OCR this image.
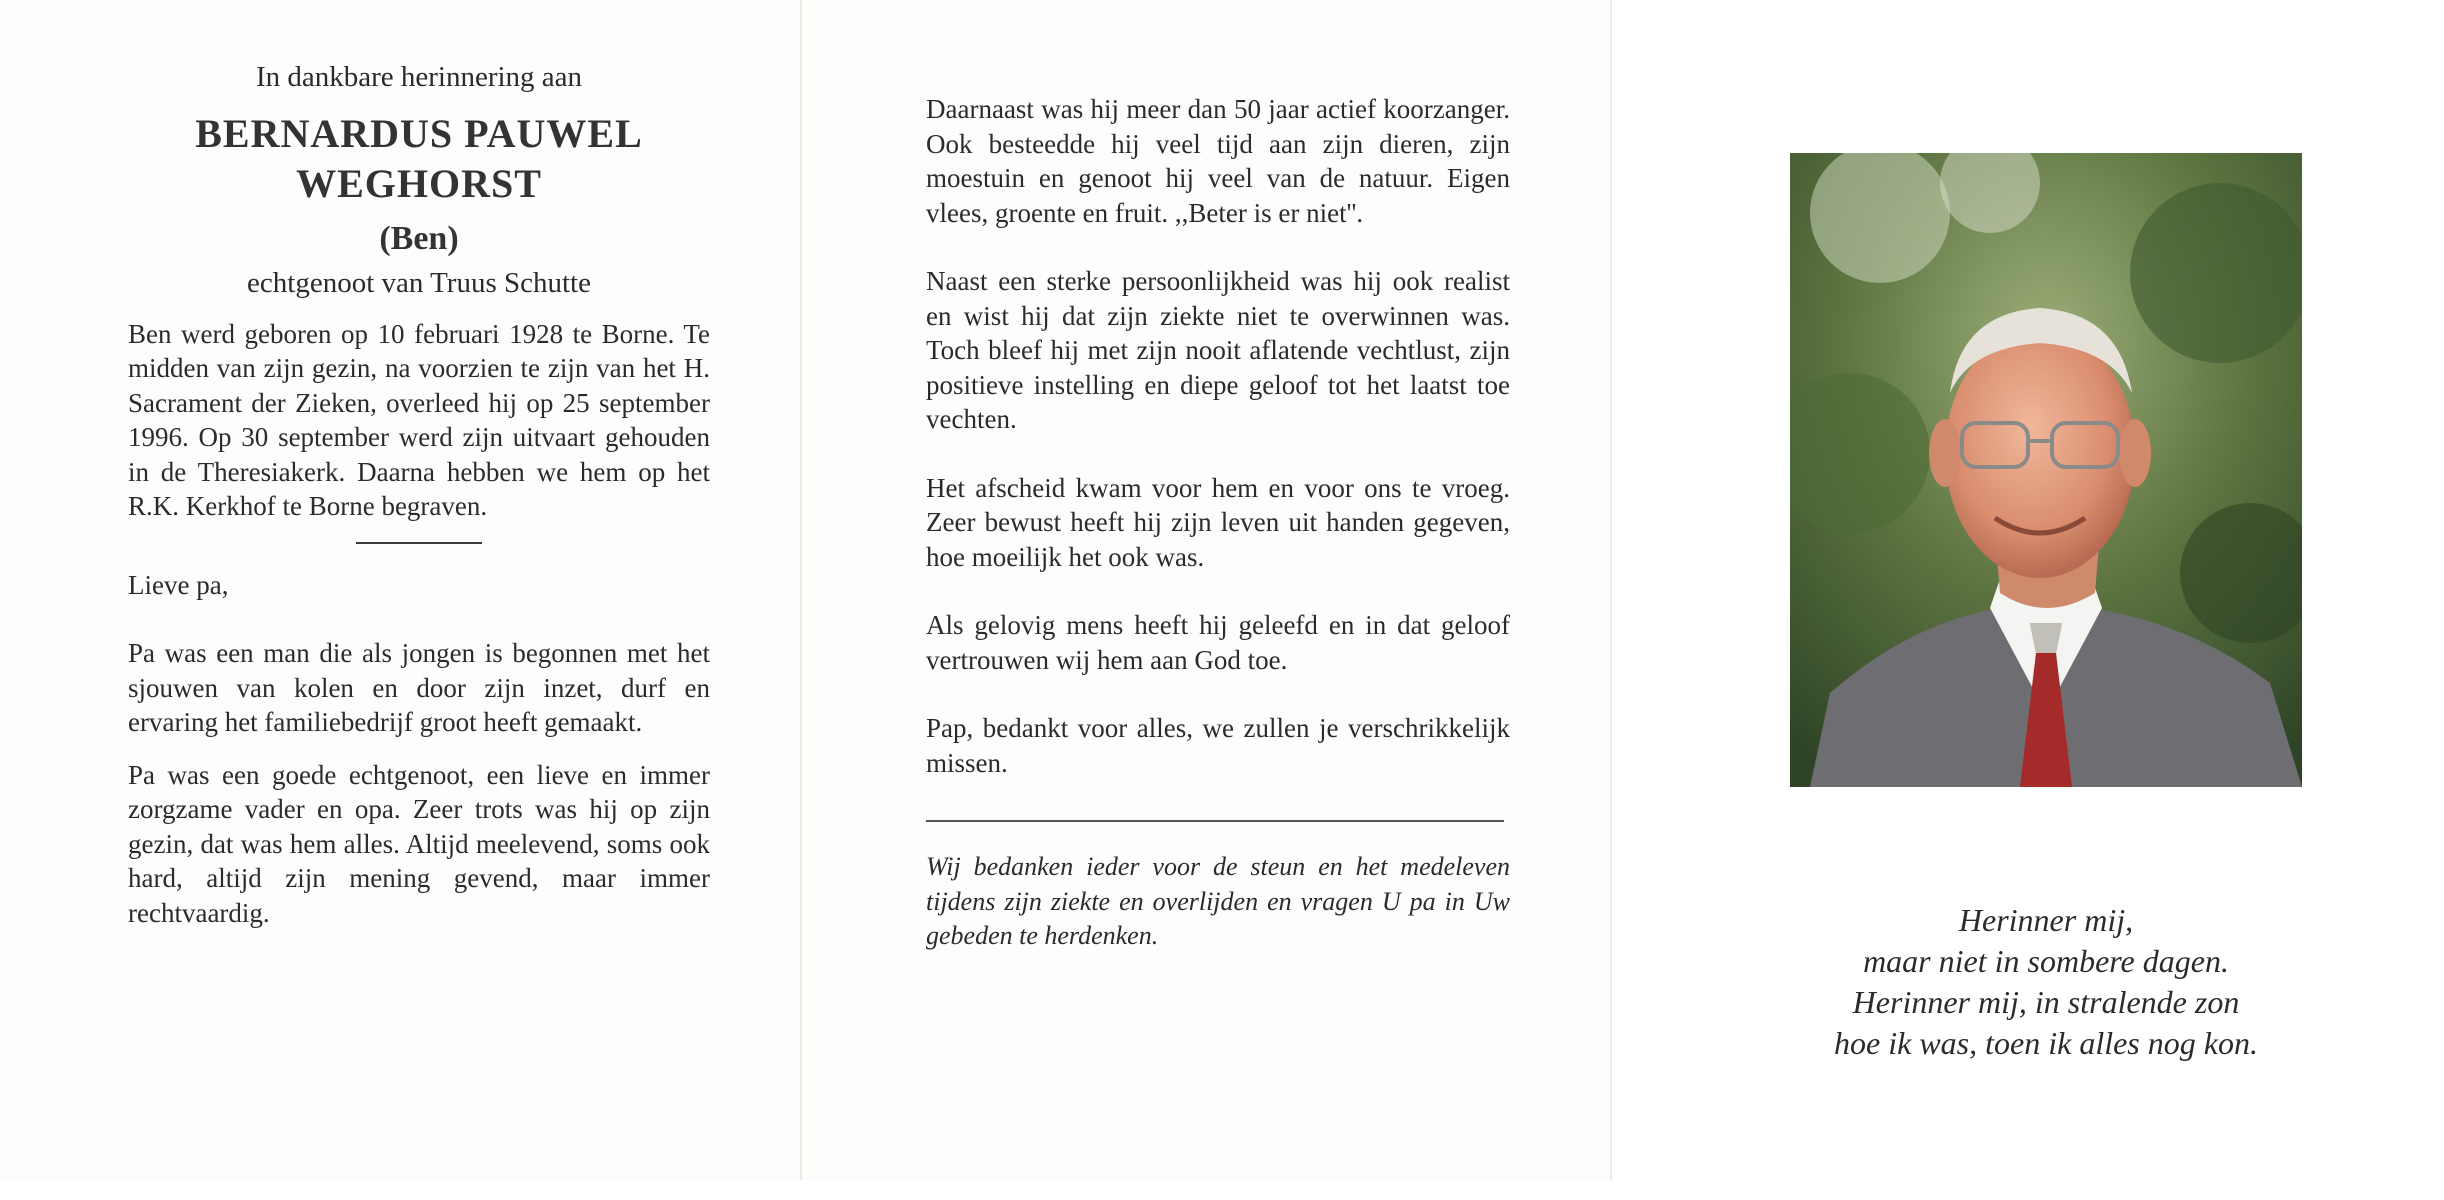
In dankbare herinnering aan
BERNARDUS PAUWEL
WEGHORST
(Ben)
echtgenoot van Truus Schutte

Ben werd geboren op 10 februari 1928 te Borne. Te midden van zijn gezin, na voorzien te zijn van het H. Sacrament der Zieken, overleed hij op 25 september 1996. Op 30 september werd zijn uitvaart gehouden in de Theresiakerk. Daarna hebben we hem op het R.K. Kerkhof te Borne begraven.

Lieve pa,

Pa was een man die als jongen is begonnen met het sjouwen van kolen en door zijn inzet, durf en ervaring het familiebedrijf groot heeft gemaakt.

Pa was een goede echtgenoot, een lieve en immer zorgzame vader en opa. Zeer trots was hij op zijn gezin, dat was hem alles. Altijd meelevend, soms ook hard, altijd zijn mening gevend, maar immer rechtvaardig.

Daarnaast was hij meer dan 50 jaar actief koorzanger. Ook besteedde hij veel tijd aan zijn dieren, zijn moestuin en genoot hij veel van de natuur. Eigen vlees, groente en fruit. ,,Beter is er niet''.

Naast een sterke persoonlijkheid was hij ook realist en wist hij dat zijn ziekte niet te overwinnen was. Toch bleef hij met zijn nooit aflatende vechtlust, zijn positieve instelling en diepe geloof tot het laatst toe vechten.

Het afscheid kwam voor hem en voor ons te vroeg. Zeer bewust heeft hij zijn leven uit handen gegeven, hoe moeilijk het ook was.

Als gelovig mens heeft hij geleefd en in dat geloof vertrouwen wij hem aan God toe.

Pap, bedankt voor alles, we zullen je verschrikkelijk missen.

Wij bedanken ieder voor de steun en het medeleven tijdens zijn ziekte en overlijden en vragen U pa in Uw gebeden te herdenken.	Herinner mij,
maar niet in sombere dagen.
Herinner mij, in stralende zon
hoe ik was, toen ik alles nog kon.
